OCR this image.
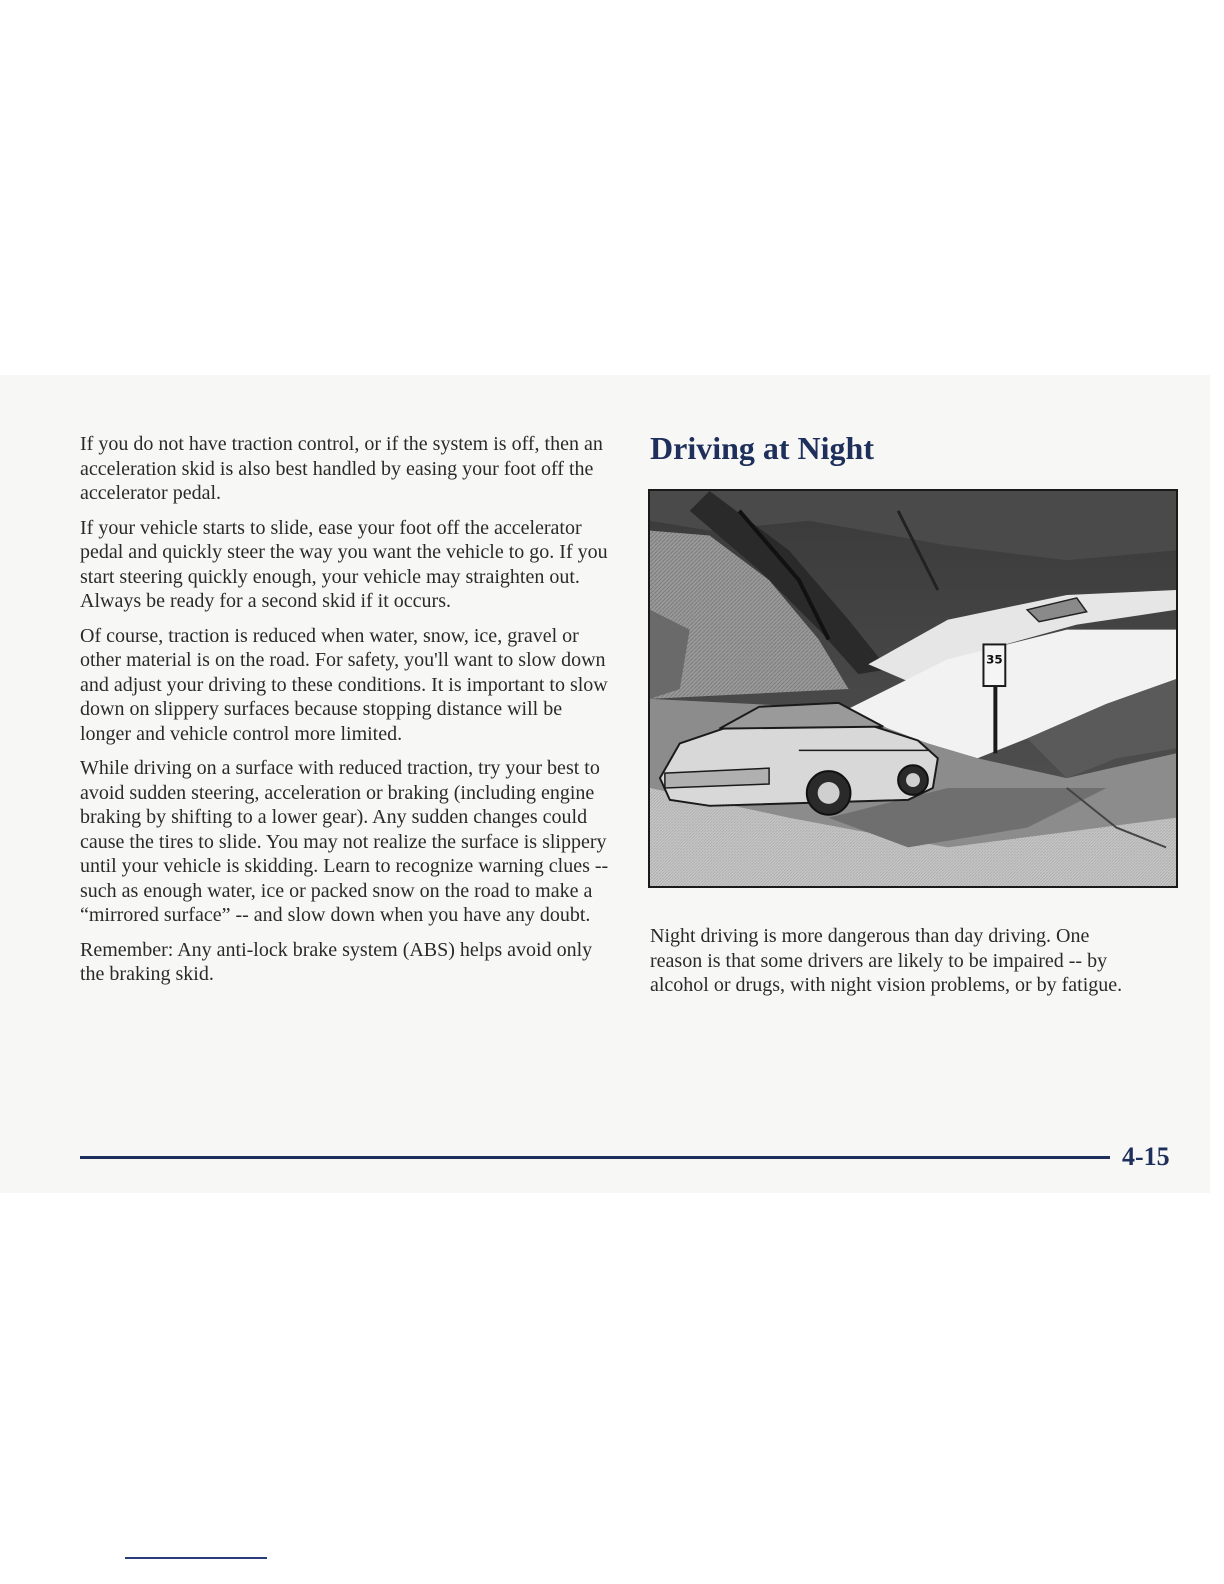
If you do not have traction control, or if the system is off, then an acceleration skid is also best handled by easing your foot off the accelerator pedal.

If your vehicle starts to slide, ease your foot off the accelerator pedal and quickly steer the way you want the vehicle to go. If you start steering quickly enough, your vehicle may straighten out. Always be ready for a second skid if it occurs.

Of course, traction is reduced when water, snow, ice, gravel or other material is on the road. For safety, you'll want to slow down and adjust your driving to these conditions. It is important to slow down on slippery surfaces because stopping distance will be longer and vehicle control more limited.

While driving on a surface with reduced traction, try your best to avoid sudden steering, acceleration or braking (including engine braking by shifting to a lower gear). Any sudden changes could cause the tires to slide. You may not realize the surface is slippery until your vehicle is skidding. Learn to recognize warning clues -- such as enough water, ice or packed snow on the road to make a “mirrored surface” -- and slow down when you have any doubt.

Remember: Any anti-lock brake system (ABS) helps avoid only the braking skid.

Driving at Night
35

Night driving is more dangerous than day driving. One reason is that some drivers are likely to be impaired -- by alcohol or drugs, with night vision problems, or by fatigue.

4-15
